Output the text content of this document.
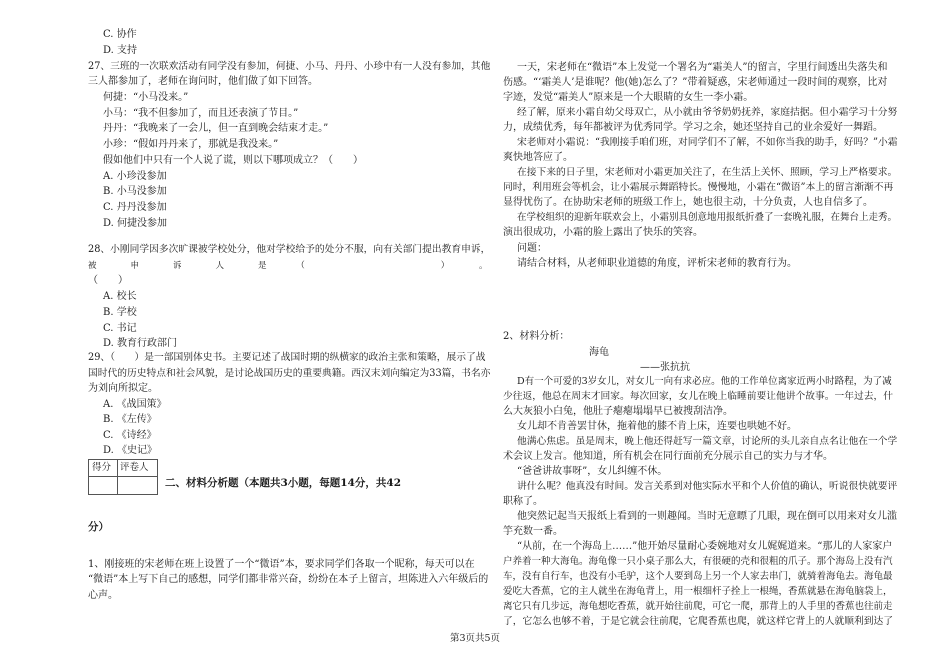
C. 协作
D. 支持
27、三班的一次联欢活动有同学没有参加，何捷、小马、丹丹、小珍中有一人没有参加，其他
三人都参加了，老师在询问时，他们做了如下回答。
何捷：“小马没来。”
小马：“我不但参加了，而且还表演了节目。”
丹丹：“我晚来了一会儿，但一直到晚会结束才走。”
小珍：“假如丹丹来了，那就是我没来。”
假如他们中只有一个人说了谎，则以下哪项成立？（　　）
A. 小珍没参加
B. 小马没参加
C. 丹丹没参加
D. 何捷没参加
28、小刚同学因多次旷课被学校处分，他对学校给予的处分不服，向有关部门提出教育申诉，
被　　　　申　　　　诉　　　　人　　　　是　　　　（　　　　　　　　　　　　　　　　）　　　　。
（　　）
A. 校长
B. 学校
C. 书记
D. 教育行政部门
29、（　　）是一部国别体史书。主要记述了战国时期的纵横家的政治主张和策略，展示了战
国时代的历史特点和社会风貌，是讨论战国历史的重要典籍。西汉末刘向编定为33篇，书名亦
为刘向所拟定。
A. 《战国策》
B. 《左传》
C. 《诗经》
D. 《史记》
得分 评卷人
二、材料分析题（本题共3小题，每题14分，共42
分）
1、刚接班的宋老师在班上设置了一个“微语”本，要求同学们各取一个昵称，每天可以在
“微语”本上写下自己的感想，同学们都非常兴奋，纷纷在本子上留言，坦陈进入六年级后的
心声。
一天，宋老师在“微语”本上发觉一个署名为“霜美人”的留言，字里行间透出失落失和
伤感。“‘霜美人’是谁呢？他(她)怎么了？”带着疑惑，宋老师通过一段时间的观察，比对
字迹，发觉“霜美人”原来是一个大眼睛的女生一李小霜。
经了解，原来小霜自幼父母双亡，从小就由爷爷奶奶抚养，家庭拮据。但小霜学习十分努
力，成绩优秀，每年都被评为优秀同学。学习之余，她还坚持自己的业余爱好一舞蹈。
宋老师对小霜说：“我刚接手咱们班，对同学们不了解，不如你当我的助手，好吗？”小霜
爽快地答应了。
在接下来的日子里，宋老师对小霜更加关注了，在生活上关怀、照顾，学习上严格要求。
同时，利用班会等机会，让小霜展示舞蹈特长。慢慢地，小霜在“微语”本上的留言渐渐不再
显得忧伤了。在协助宋老师的班级工作上，她也很主动，十分负责，人也自信多了。
在学校组织的迎新年联欢会上，小霜别具创意地用报纸折叠了一套晚礼服，在舞台上走秀。
演出很成功，小霜的脸上露出了快乐的笑容。
问题：
请结合材料，从老师职业道德的角度，评析宋老师的教育行为。
2、材料分析：
海龟
——张抗抗
D有一个可爱的3岁女儿，对女儿一向有求必应。他的工作单位离家近两小时路程，为了减
少往返，他总在周末才回家。每次回家，女儿在晚上临睡前要让他讲个故事。一年过去，什
么大灰狼小白兔，他肚子瘪瘪塌塌早已被搜刮洁净。
女儿却不肯善罢甘休，拖着他的膝不肯上床，连要也哄她不好。
他满心焦虑。虽是周末，晚上他还得赶写一篇文章，讨论所的头儿亲自点名让他在一个学
术会议上发言。他知道，所有机会在同行面前充分展示自己的实力与才华。
“爸爸讲故事呀”，女儿纠缠不休。
讲什么呢？他真没有时间。发言关系到对他实际水平和个人价值的确认，听说很快就要评
职称了。
他突然记起当天报纸上看到的一则趣闻。当时无意瞟了几眼，现在倒可以用来对女儿滥
竽充数一番。
“从前，在一个海岛上……”他开始尽量耐心委婉地对女儿娓娓道来。“那儿的人家家户
户养着一种大海龟。海龟像一只小桌子那么大，有很硬的壳和很粗的爪子。那个海岛上没有汽
车，没有自行车，也没有小毛驴，这个人要到岛上另一个人家去串门，就骑着海龟去。海龟最
爱吃大香蕉，它的主人就坐在海龟背上，用一根细杆子拴上一根绳，香蕉就悬在海龟脑袋上，
离它只有几步远，海龟想吃香蕉，就开始往前爬，可它一爬，那背上的人手里的香蕉也往前走
了，它怎么也够不着，于是它就会往前爬，它爬香蕉也爬，就这样它背上的人就顺利到达了
第3页共5页
